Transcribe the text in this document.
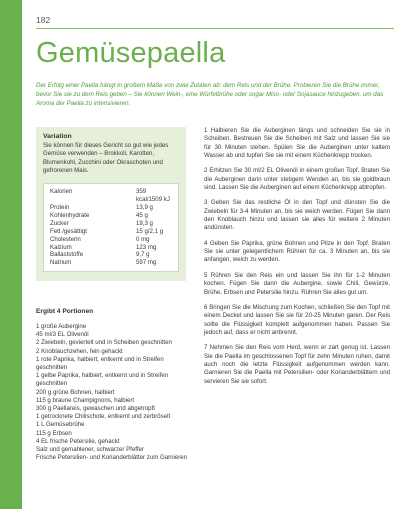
182
Gemüsepaella

Der Erfolg einer Paella hängt in großem Maße von zwei Zutaten ab: dem Reis und der Brühe. Probieren Sie die Brühe immer, bevor Sie sie zu dem Reis geben – Sie können Wein-, eine Würfelbrühe oder sogar Miso- oder Sojasauce hinzugeben, um das Aroma der Paella zu intensivieren.

Variation

Sie können für dieses Gericht so gut wie jedes Gemüse verwenden – Brokkoli, Karotten, Blumenkohl, Zucchini oder Okraschoten und gefrorenen Mais.

Kalorien	359 kcal/1509 kJ
Protein	13,9 g
Kohlenhydrate	45 g
Zucker	19,3 g
Fett /gesättigt	15 g/2,1 g
Cholesterin	0 mg
Kalzium	123 mg
Ballaststoffe	9,7 g
Natrium	597 mg

Ergibt 4 Portionen

1 große Aubergine
45 ml/3 EL Olivenöl
2 Zwiebeln, geviertelt und in Scheiben geschnitten
2 Knoblauchzehen, fein gehackt
1 rote Paprika, halbiert, entkernt und in Streifen geschnitten
1 gelbe Paprika, halbiert, entkernt und in Streifen geschnitten
200 g grüne Bohnen, halbiert
115 g braune Champignons, halbiert
300 g Paellareis, gewaschen und abgetropft
1 getrocknete Chilischote, entkernt und zerbröselt
1 L Gemüsebrühe
115 g Erbsen
4 EL frische Petersilie, gehackt
Salz und gemahlener, schwarzer Pfeffer
Frische Petersilien- und Korianderblätter zum Garnieren

1 Halbieren Sie die Auberginen längs und schneiden Sie sie in Scheiben. Bestreuen Sie die Scheiben mit Salz und lassen Sie sie für 30 Minuten stehen. Spülen Sie die Auberginen unter kaltem Wasser ab und tupfen Sie sie mit einem Küchenkrepp trocken.

2 Erhitzen Sie 30 ml/2 EL Olivenöl in einem großen Topf. Braten Sie die Auberginen darin unter stetigem Wenden an, bis sie goldbraun sind. Lassen Sie die Auberginen auf einem Küchenkrepp abtropfen.

3 Geben Sie das restliche Öl in den Topf und dünsten Sie die Zwiebeln für 3-4 Minuten an, bis sie weich werden. Fügen Sie dann den Knoblauch hinzu und lassen sie alles für weitere 2 Minuten andünsten.

4 Geben Sie Paprika, grüne Bohnen und Pilze in den Topf. Braten Sie sie unter gelegentlichem Rühren für ca. 3 Minuten an, bis sie anfangen, weich zu werden.

5 Rühren Sie den Reis ein und lassen Sie ihn für 1-2 Minuten kochen. Fügen Sie dann die Aubergine, sowie Chili, Gewürze, Brühe, Erbsen und Petersilie hinzu. Rühren Sie alles gut um.

6 Bringen Sie die Mischung zum Kochen, schließen Sie den Topf mit einem Deckel und lassen Sie sie für 20-25 Minuten garen. Der Reis sollte die Flüssigkeit komplett aufgenommen haben. Passen Sie jedoch auf, dass er nicht anbrennt.

7 Nehmen Sie den Reis vom Herd, wenn er zart genug ist. Lassen Sie die Paella im geschlossenen Topf für zehn Minuten ruhen, damit auch noch die letzte Flüssigkeit aufgenommen werden kann. Garnieren Sie die Paella mit Petersilien- oder Korianderblättern und servieren Sie sie sofort.
